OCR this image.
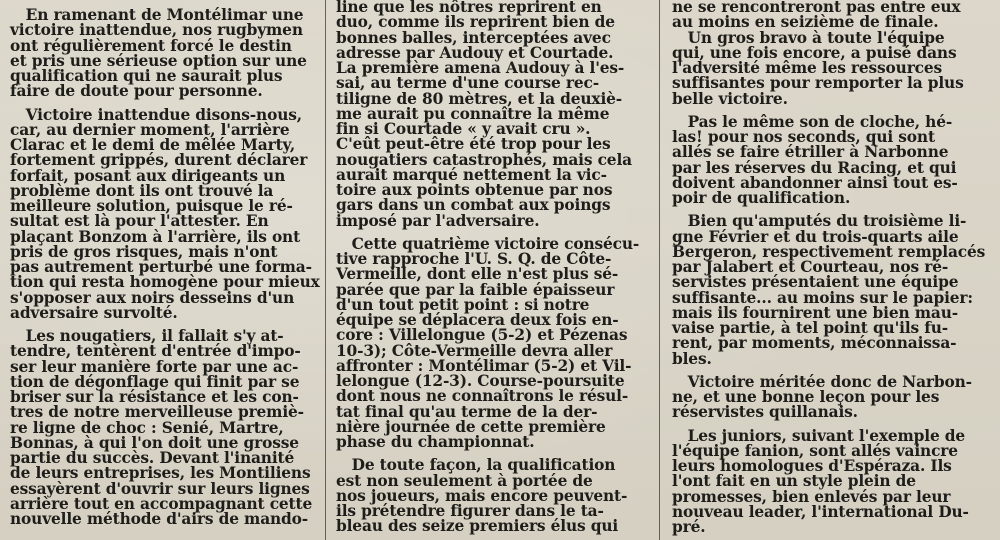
En ramenant de Montélimar une
victoire inattendue, nos rugbymen
ont régulièrement forcé le destin
et pris une sérieuse option sur une
qualification qui ne saurait plus
faire de doute pour personne.

Victoire inattendue disons-nous,
car, au dernier moment, l'arrière
Clarac et le demi de mêlée Marty,
fortement grippés, durent déclarer
forfait, posant aux dirigeants un
problème dont ils ont trouvé la
meilleure solution, puisque le ré-
sultat est là pour l'attester. En
plaçant Bonzom à l'arrière, ils ont
pris de gros risques, mais n'ont
pas autrement perturbé une forma-
tion qui resta homogène pour mieux
s'opposer aux noirs desseins d'un
adversaire survolté.

Les nougatiers, il fallait s'y at-
tendre, tentèrent d'entrée d'impo-
ser leur manière forte par une ac-
tion de dégonflage qui finit par se
briser sur la résistance et les con-
tres de notre merveilleuse premiè-
re ligne de choc : Senié, Martre,
Bonnas, à qui l'on doit une grosse
partie du succès. Devant l'inanité
de leurs entreprises, les Montiliens
essayèrent d'ouvrir sur leurs lignes
arrière tout en accompagnant cette
nouvelle méthode d'airs de mando-

line que les nôtres reprirent en
duo, comme ils reprirent bien de
bonnes balles, interceptées avec
adresse par Audouy et Courtade.
La première amena Audouy à l'es-
sai, au terme d'une course rec-
tiligne de 80 mètres, et la deuxiè-
me aurait pu connaître la même
fin si Courtade « y avait cru ».
C'eût peut-être été trop pour les
nougatiers catastrophés, mais cela
aurait marqué nettement la vic-
toire aux points obtenue par nos
gars dans un combat aux poings
imposé par l'adversaire.

Cette quatrième victoire consécu-
tive rapproche l'U. S. Q. de Côte-
Vermeille, dont elle n'est plus sé-
parée que par la faible épaisseur
d'un tout petit point : si notre
équipe se déplacera deux fois en-
core : Villelongue (5-2) et Pézenas
10-3); Côte-Vermeille devra aller
affronter : Montélimar (5-2) et Vil-
lelongue (12-3). Course-poursuite
dont nous ne connaîtrons le résul-
tat final qu'au terme de la der-
nière journée de cette première
phase du championnat.

De toute façon, la qualification
est non seulement à portée de
nos joueurs, mais encore peuvent-
ils prétendre figurer dans le ta-
bleau des seize premiers élus qui

ne se rencontreront pas entre eux
au moins en seizième de finale.
Un gros bravo à toute l'équipe
qui, une fois encore, a puisé dans
l'adversité même les ressources
suffisantes pour remporter la plus
belle victoire.

Pas le même son de cloche, hé-
las! pour nos seconds, qui sont
allés se faire étriller à Narbonne
par les réserves du Racing, et qui
doivent abandonner ainsi tout es-
poir de qualification.

Bien qu'amputés du troisième li-
gne Février et du trois-quarts aile
Bergeron, respectivement remplacés
par Jalabert et Courteau, nos ré-
servistes présentaient une équipe
suffisante... au moins sur le papier:
mais ils fournirent une bien mau-
vaise partie, à tel point qu'ils fu-
rent, par moments, méconnaissa-
bles.

Victoire méritée donc de Narbon-
ne, et une bonne leçon pour les
réservistes quillanais.

Les juniors, suivant l'exemple de
l'équipe fanion, sont allés vaincre
leurs homologues d'Espéraza. Ils
l'ont fait en un style plein de
promesses, bien enlevés par leur
nouveau leader, l'international Du-
pré.
